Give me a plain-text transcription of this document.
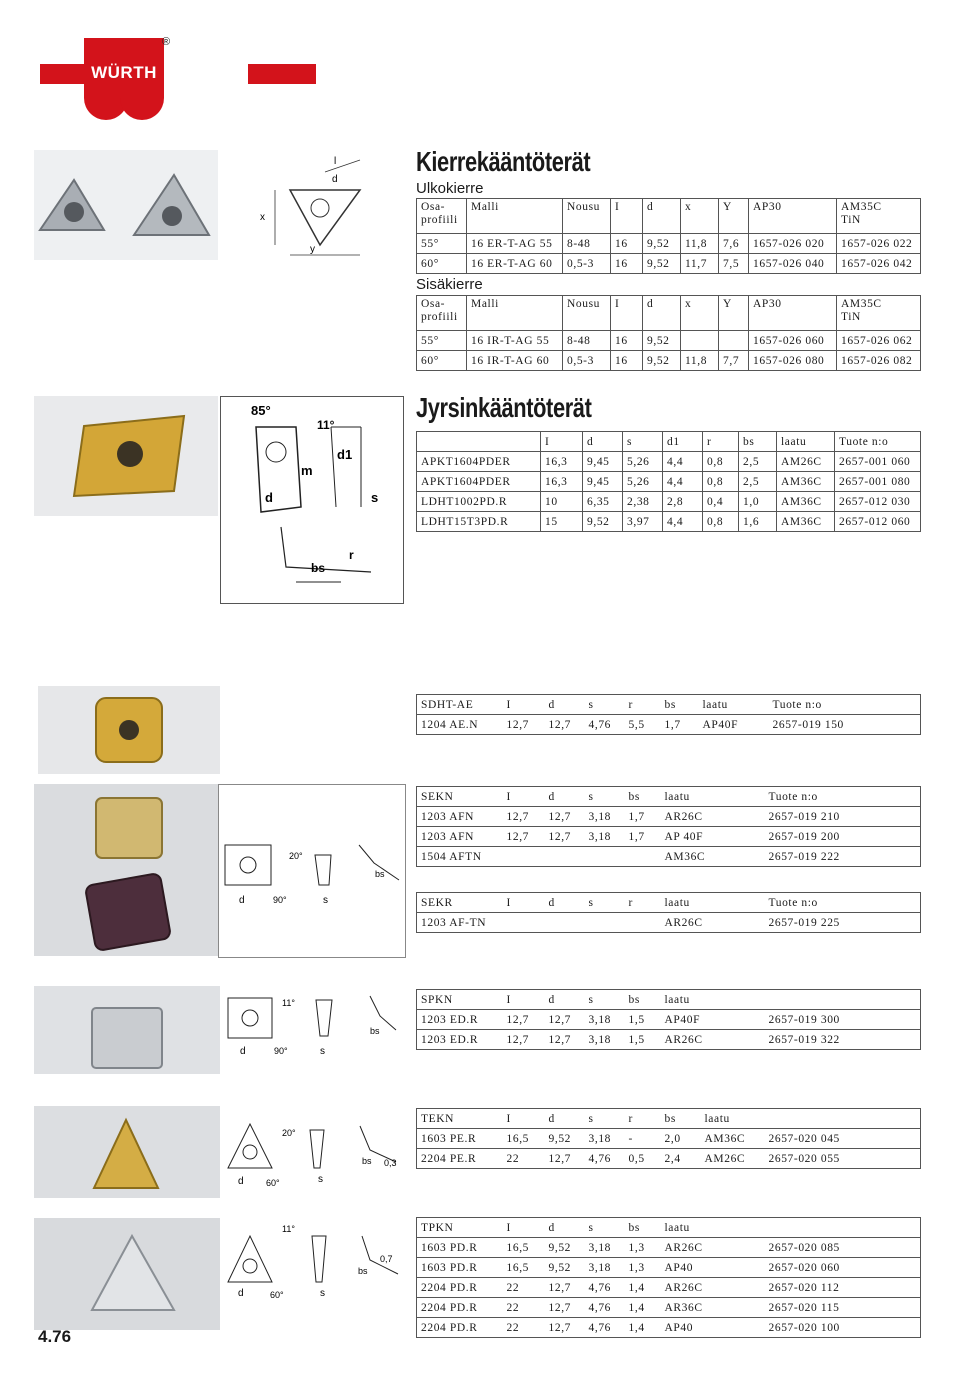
WÜRTH
®
l
d
x
y
Kierrekääntöterät
Ulkokierre
Osa-
profiili	Malli	Nousu	I	d	x	Y	AP30	AM35C
TiN
55°	16 ER-T-AG 55	8-48	16	9,52	11,8	7,6	1657-026 020	1657-026 022
60°	16 ER-T-AG 60	0,5-3	16	9,52	11,7	7,5	1657-026 040	1657-026 042
Sisäkierre
Osa-
profiili	Malli	Nousu	I	d	x	Y	AP30	AM35C
TiN
55°	16 IR-T-AG 55	8-48	16	9,52			1657-026 060	1657-026 062
60°	16 IR-T-AG 60	0,5-3	16	9,52	11,8	7,7	1657-026 080	1657-026 082
85°
11°
m
d
d1
s
bs
r
Jyrsinkääntöterät
	I	d	s	d1	r	bs	laatu	Tuote n:o
APKT1604PDER	16,3	9,45	5,26	4,4	0,8	2,5	AM26C	2657-001 060
APKT1604PDER	16,3	9,45	5,26	4,4	0,8	2,5	AM36C	2657-001 080
LDHT1002PD.R	10	6,35	2,38	2,8	0,4	1,0	AM36C	2657-012 030
LDHT15T3PD.R	15	9,52	3,97	4,4	0,8	1,6	AM36C	2657-012 060
SDHT-AE	I	d	s	r	bs	laatu	Tuote n:o
1204 AE.N	12,7	12,7	4,76	5,5	1,7	AP40F	2657-019 150
20°
d	90°	s
bs
SEKN	I	d	s	bs	laatu	Tuote n:o
1203 AFN	12,7	12,7	3,18	1,7	AR26C	2657-019 210
1203 AFN	12,7	12,7	3,18	1,7	AP 40F	2657-019 200
1504 AFTN					AM36C	2657-019 222
SEKR	I	d	s	r	laatu	Tuote n:o
1203 AF-TN					AR26C	2657-019 225
11°
d	90°	s
bs
SPKN	I	d	s	bs	laatu	
1203 ED.R	12,7	12,7	3,18	1,5	AP40F	2657-019 300
1203 ED.R	12,7	12,7	3,18	1,5	AR26C	2657-019 322
20°
d 60°	s
bs 0,3
TEKN	I	d	s	r	bs	laatu	
1603 PE.R	16,5	9,52	3,18	-	2,0	AM36C	2657-020 045
2204 PE.R	22	12,7	4,76	0,5	2,4	AM26C	2657-020 055
11°
d	60°	s
bs
0,7
TPKN	I	d	s	bs	laatu	
1603 PD.R	16,5	9,52	3,18	1,3	AR26C	2657-020 085
1603 PD.R	16,5	9,52	3,18	1,3	AP40	2657-020 060
2204 PD.R	22	12,7	4,76	1,4	AR26C	2657-020 112
2204 PD.R	22	12,7	4,76	1,4	AR36C	2657-020 115
2204 PD.R	22	12,7	4,76	1,4	AP40	2657-020 100
4.76
